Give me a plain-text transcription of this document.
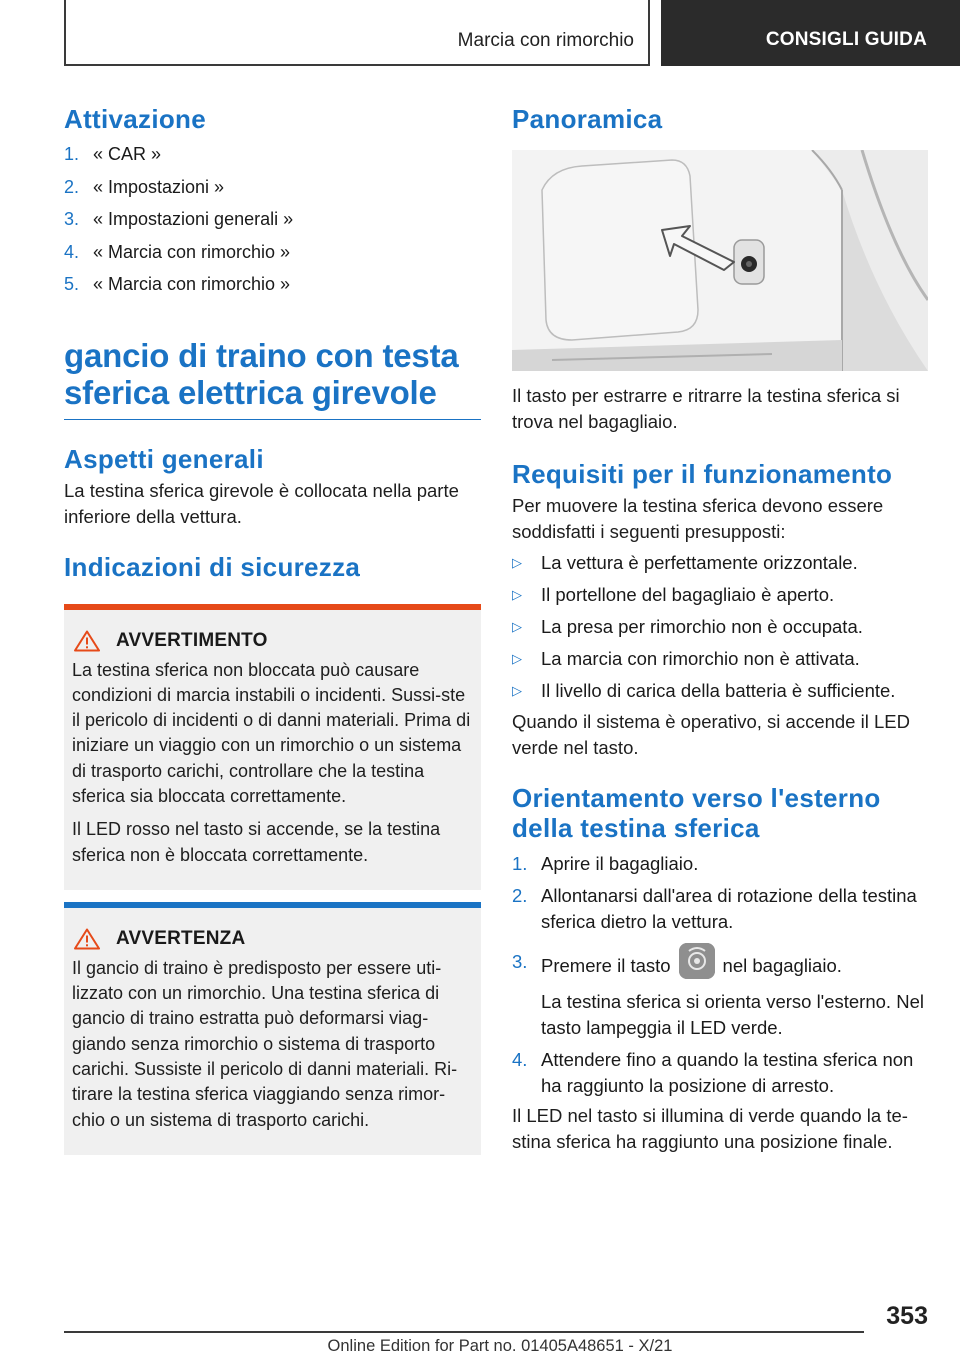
Marcia con rimorchio	CONSIGLI GUIDA
Attivazione
1. « CAR »
2. « Impostazioni »
3. « Impostazioni generali »
4. « Marcia con rimorchio »
5. « Marcia con rimorchio »
gancio di traino con testa
sferica elettrica girevole
Aspetti generali

La testina sferica girevole è collocata nella parte inferiore della vettura.

Indicazioni di sicurezza
AVVERTIMENTO

La testina sferica non bloccata può causare condizioni di marcia instabili o incidenti. Sussi-ste il pericolo di incidenti o di danni materiali. Prima di iniziare un viaggio con un rimorchio o un sistema di trasporto carichi, controllare che la testina sferica sia bloccata correttamente.

Il LED rosso nel tasto si accende, se la testina sferica non è bloccata correttamente.

AVVERTENZA

Il gancio di traino è predisposto per essere uti-lizzato con un rimorchio. Una testina sferica di gancio di traino estratta può deformarsi viag-giando senza rimorchio o sistema di trasporto carichi. Sussiste il pericolo di danni materiali. Ri-tirare la testina sferica viaggiando senza rimor-chio o un sistema di trasporto carichi.

Panoramica

Il tasto per estrarre e ritrarre la testina sferica si trova nel bagagliaio.

Requisiti per il funzionamento

Per muovere la testina sferica devono essere soddisfatti i seguenti presupposti:

▷ La vettura è perfettamente orizzontale.
▷ Il portellone del bagagliaio è aperto.
▷ La presa per rimorchio non è occupata.
▷ La marcia con rimorchio non è attivata.
▷ Il livello di carica della batteria è sufficiente.

Quando il sistema è operativo, si accende il LED verde nel tasto.

Orientamento verso l'esterno
della testina sferica
1. Aprire il bagagliaio.
2. Allontanarsi dall'area di rotazione della testina sferica dietro la vettura.
3. Premere il tasto	nel bagagliaio.

La testina sferica si orienta verso l'esterno. Nel tasto lampeggia il LED verde.

4. Attendere fino a quando la testina sferica non ha raggiunto la posizione di arresto.

Il LED nel tasto si illumina di verde quando la te-stina sferica ha raggiunto una posizione finale.

353
Online Edition for Part no. 01405A48651 - X/21
